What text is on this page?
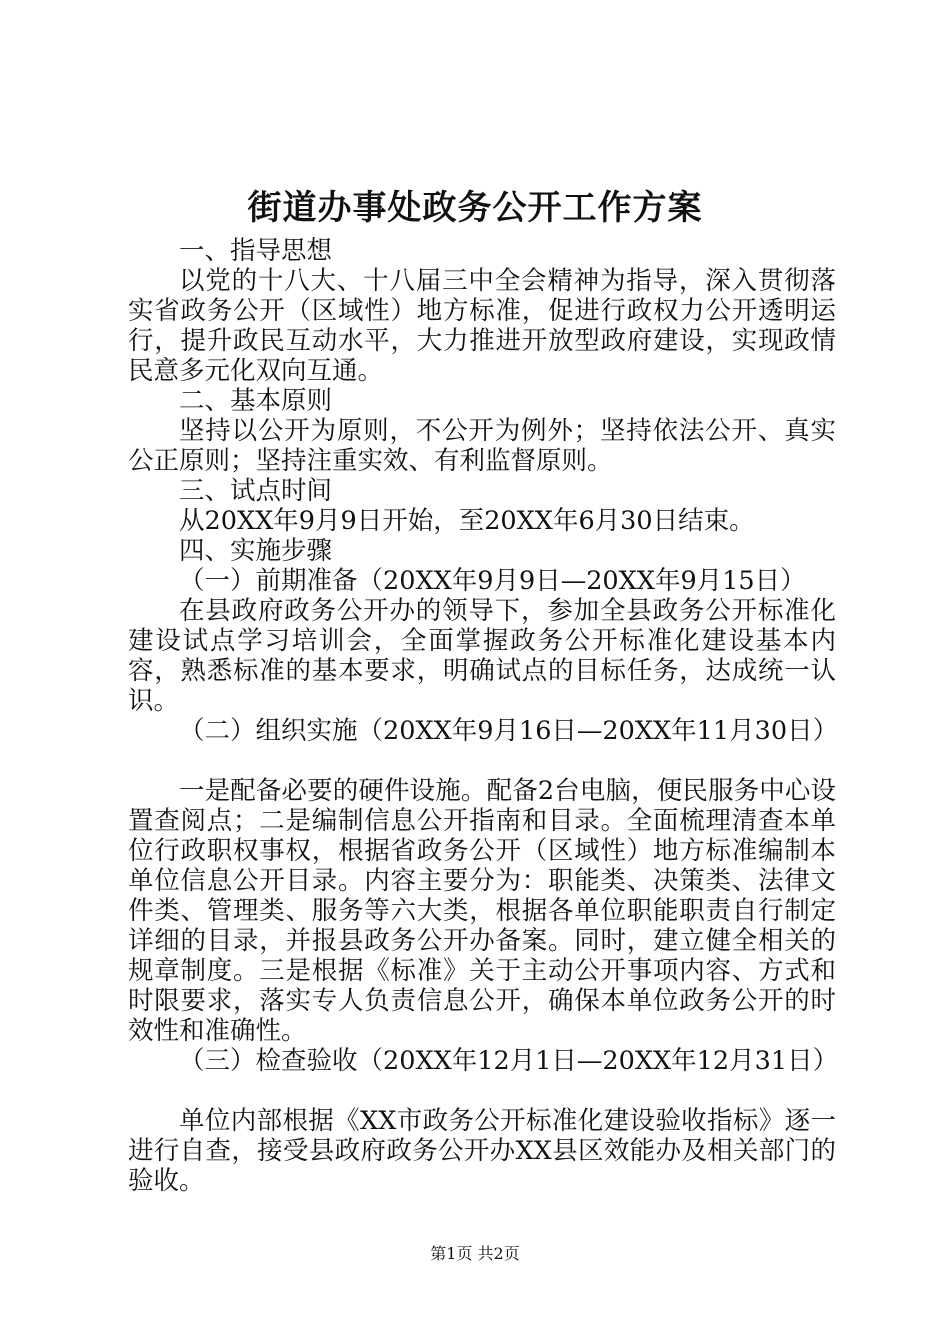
街道办事处政务公开工作方案

一、指导思想

以党的十八大、十八届三中全会精神为指导，深入贯彻落实省政务公开（区域性）地方标准，促进行政权力公开透明运行，提升政民互动水平，大力推进开放型政府建设，实现政情民意多元化双向互通。

二、基本原则

坚持以公开为原则，不公开为例外；坚持依法公开、真实公正原则；坚持注重实效、有利监督原则。

三、试点时间

从20XX年9月9日开始，至20XX年6月30日结束。

四、实施步骤

（一）前期准备（20XX年9月9日—20XX年9月15日）

在县政府政务公开办的领导下，参加全县政务公开标准化建设试点学习培训会，全面掌握政务公开标准化建设基本内容，熟悉标准的基本要求，明确试点的目标任务，达成统一认识。

（二）组织实施（20XX年9月16日—20XX年11月30日）

一是配备必要的硬件设施。配备2台电脑，便民服务中心设置查阅点；二是编制信息公开指南和目录。全面梳理清查本单位行政职权事权，根据省政务公开（区域性）地方标准编制本单位信息公开目录。内容主要分为：职能类、决策类、法律文件类、管理类、服务等六大类，根据各单位职能职责自行制定详细的目录，并报县政务公开办备案。同时，建立健全相关的规章制度。三是根据《标准》关于主动公开事项内容、方式和时限要求，落实专人负责信息公开，确保本单位政务公开的时效性和准确性。

（三）检查验收（20XX年12月1日—20XX年12月31日）

单位内部根据《XX市政务公开标准化建设验收指标》逐一进行自查，接受县政府政务公开办XX县区效能办及相关部门的验收。

第1页 共2页
